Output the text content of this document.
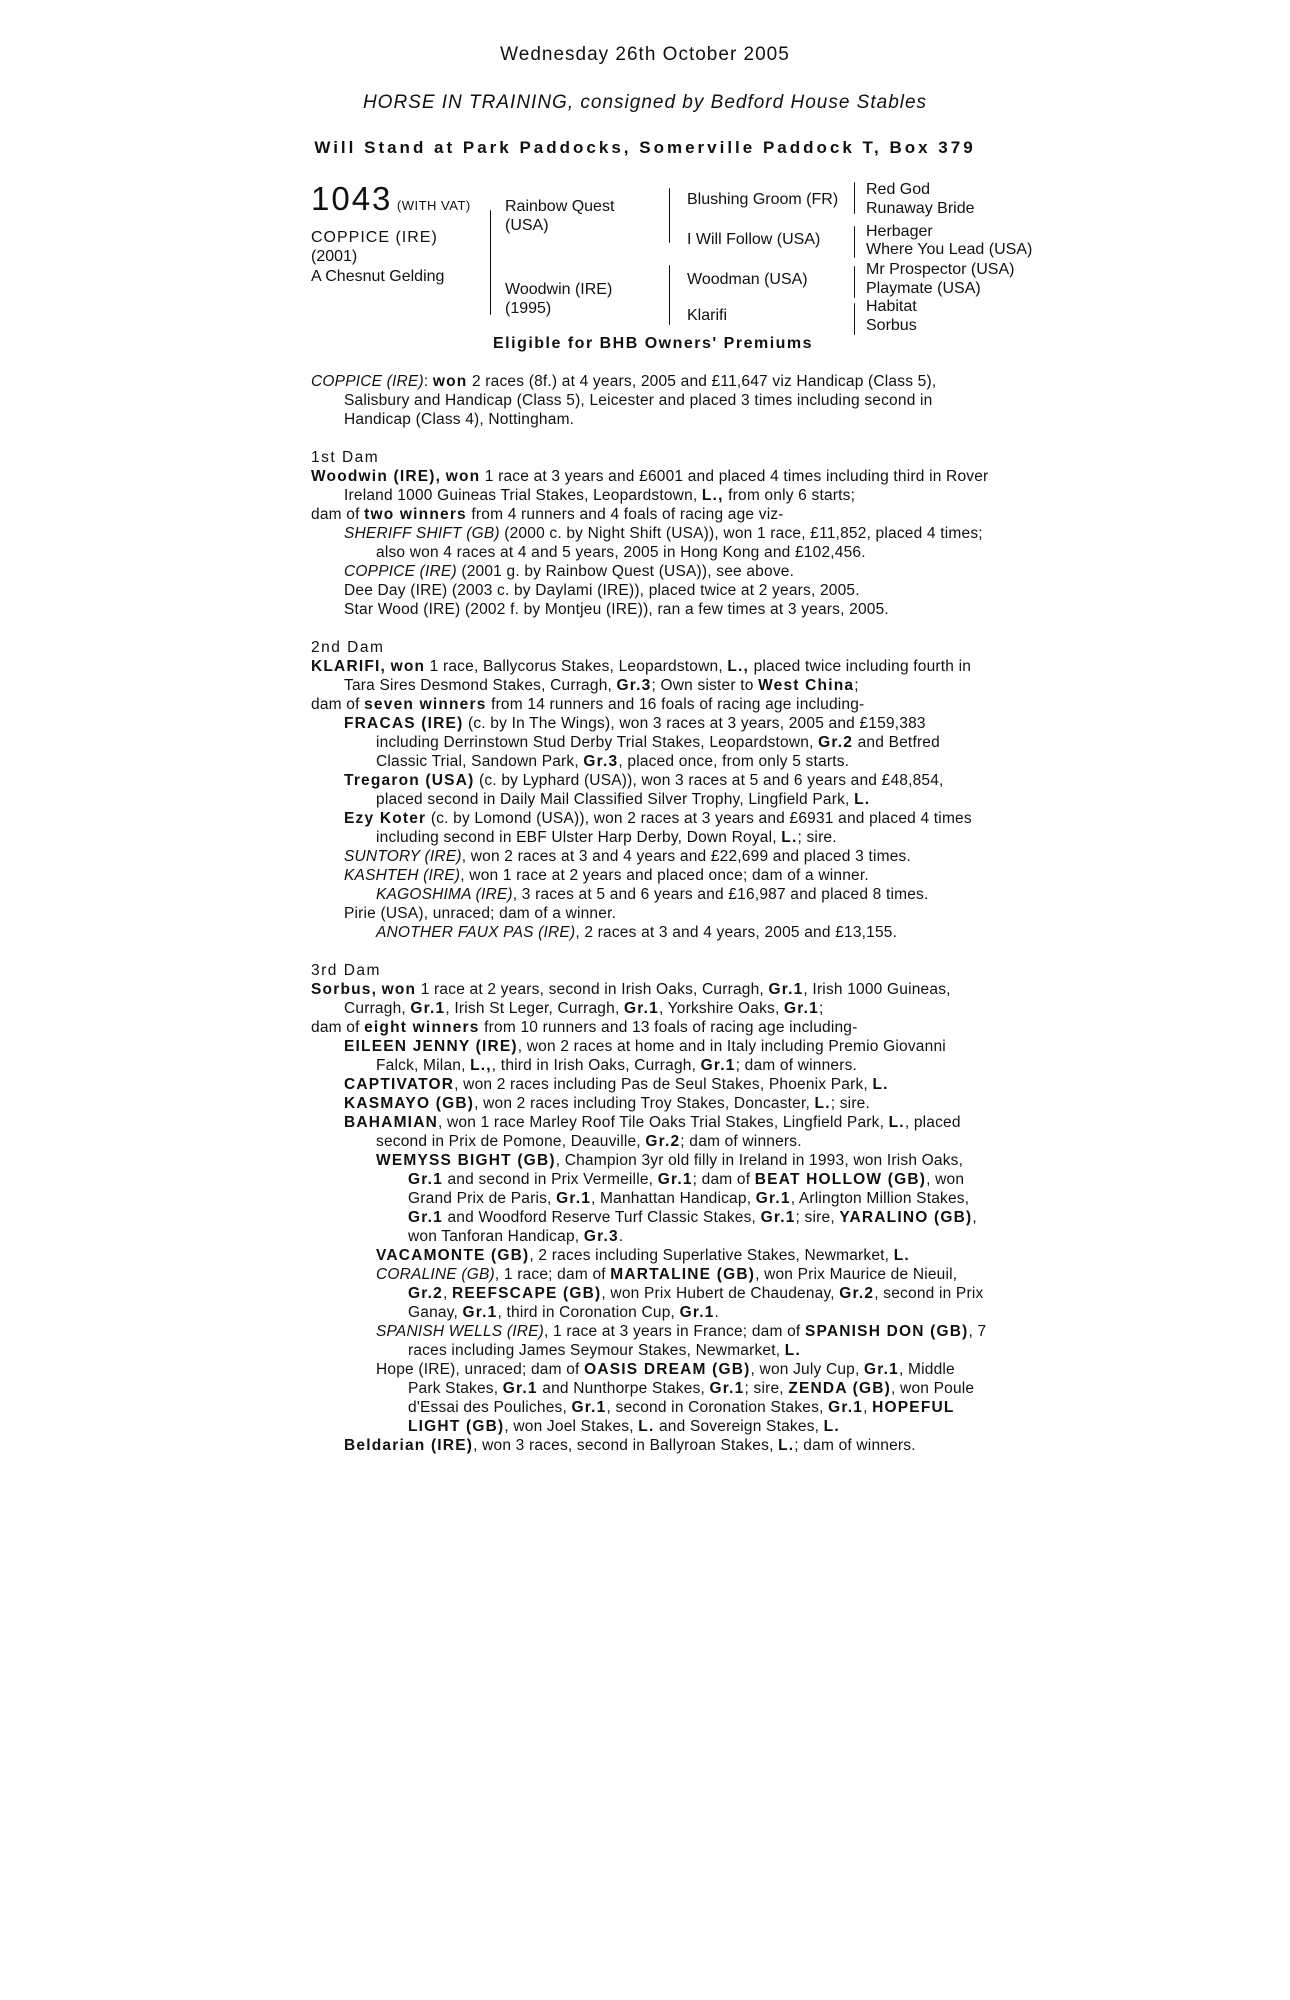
Wednesday 26th October 2005
HORSE IN TRAINING, consigned by Bedford House Stables
Will Stand at Park Paddocks, Somerville Paddock T, Box 379
1043 (WITH VAT)
COPPICE (IRE)
(2001)
A Chesnut Gelding
Rainbow Quest
(USA)
Woodwin (IRE)
(1995)
Blushing Groom (FR)
I Will Follow (USA)
Woodman (USA)
Klarifi
Red God
Runaway Bride
Herbager
Where You Lead (USA)
Mr Prospector (USA)
Playmate (USA)
Habitat
Sorbus
Eligible for BHB Owners' Premiums

COPPICE (IRE): won 2 races (8f.) at 4 years, 2005 and £11,647 viz Handicap (Class 5), Salisbury and Handicap (Class 5), Leicester and placed 3 times including second in Handicap (Class 4), Nottingham.

1st Dam

Woodwin (IRE), won 1 race at 3 years and £6001 and placed 4 times including third in Rover Ireland 1000 Guineas Trial Stakes, Leopardstown, L., from only 6 starts;

dam of two winners from 4 runners and 4 foals of racing age viz-

SHERIFF SHIFT (GB) (2000 c. by Night Shift (USA)), won 1 race, £11,852, placed 4 times; also won 4 races at 4 and 5 years, 2005 in Hong Kong and £102,456.

COPPICE (IRE) (2001 g. by Rainbow Quest (USA)), see above.

Dee Day (IRE) (2003 c. by Daylami (IRE)), placed twice at 2 years, 2005.

Star Wood (IRE) (2002 f. by Montjeu (IRE)), ran a few times at 3 years, 2005.

2nd Dam

KLARIFI, won 1 race, Ballycorus Stakes, Leopardstown, L., placed twice including fourth in Tara Sires Desmond Stakes, Curragh, Gr.3; Own sister to West China;

dam of seven winners from 14 runners and 16 foals of racing age including-

FRACAS (IRE) (c. by In The Wings), won 3 races at 3 years, 2005 and £159,383 including Derrinstown Stud Derby Trial Stakes, Leopardstown, Gr.2 and Betfred Classic Trial, Sandown Park, Gr.3, placed once, from only 5 starts.

Tregaron (USA) (c. by Lyphard (USA)), won 3 races at 5 and 6 years and £48,854, placed second in Daily Mail Classified Silver Trophy, Lingfield Park, L.

Ezy Koter (c. by Lomond (USA)), won 2 races at 3 years and £6931 and placed 4 times including second in EBF Ulster Harp Derby, Down Royal, L.; sire.

SUNTORY (IRE), won 2 races at 3 and 4 years and £22,699 and placed 3 times.

KASHTEH (IRE), won 1 race at 2 years and placed once; dam of a winner.

KAGOSHIMA (IRE), 3 races at 5 and 6 years and £16,987 and placed 8 times.

Pirie (USA), unraced; dam of a winner.

ANOTHER FAUX PAS (IRE), 2 races at 3 and 4 years, 2005 and £13,155.

3rd Dam

Sorbus, won 1 race at 2 years, second in Irish Oaks, Curragh, Gr.1, Irish 1000 Guineas, Curragh, Gr.1, Irish St Leger, Curragh, Gr.1, Yorkshire Oaks, Gr.1;

dam of eight winners from 10 runners and 13 foals of racing age including-

EILEEN JENNY (IRE), won 2 races at home and in Italy including Premio Giovanni Falck, Milan, L.,, third in Irish Oaks, Curragh, Gr.1; dam of winners.

CAPTIVATOR, won 2 races including Pas de Seul Stakes, Phoenix Park, L.

KASMAYO (GB), won 2 races including Troy Stakes, Doncaster, L.; sire.

BAHAMIAN, won 1 race Marley Roof Tile Oaks Trial Stakes, Lingfield Park, L., placed second in Prix de Pomone, Deauville, Gr.2; dam of winners.

WEMYSS BIGHT (GB), Champion 3yr old filly in Ireland in 1993, won Irish Oaks, Gr.1 and second in Prix Vermeille, Gr.1; dam of BEAT HOLLOW (GB), won Grand Prix de Paris, Gr.1, Manhattan Handicap, Gr.1, Arlington Million Stakes, Gr.1 and Woodford Reserve Turf Classic Stakes, Gr.1; sire, YARALINO (GB), won Tanforan Handicap, Gr.3.

VACAMONTE (GB), 2 races including Superlative Stakes, Newmarket, L.

CORALINE (GB), 1 race; dam of MARTALINE (GB), won Prix Maurice de Nieuil, Gr.2, REEFSCAPE (GB), won Prix Hubert de Chaudenay, Gr.2, second in Prix Ganay, Gr.1, third in Coronation Cup, Gr.1.

SPANISH WELLS (IRE), 1 race at 3 years in France; dam of SPANISH DON (GB), 7 races including James Seymour Stakes, Newmarket, L.

Hope (IRE), unraced; dam of OASIS DREAM (GB), won July Cup, Gr.1, Middle Park Stakes, Gr.1 and Nunthorpe Stakes, Gr.1; sire, ZENDA (GB), won Poule d'Essai des Pouliches, Gr.1, second in Coronation Stakes, Gr.1, HOPEFUL LIGHT (GB), won Joel Stakes, L. and Sovereign Stakes, L.

Beldarian (IRE), won 3 races, second in Ballyroan Stakes, L.; dam of winners.
